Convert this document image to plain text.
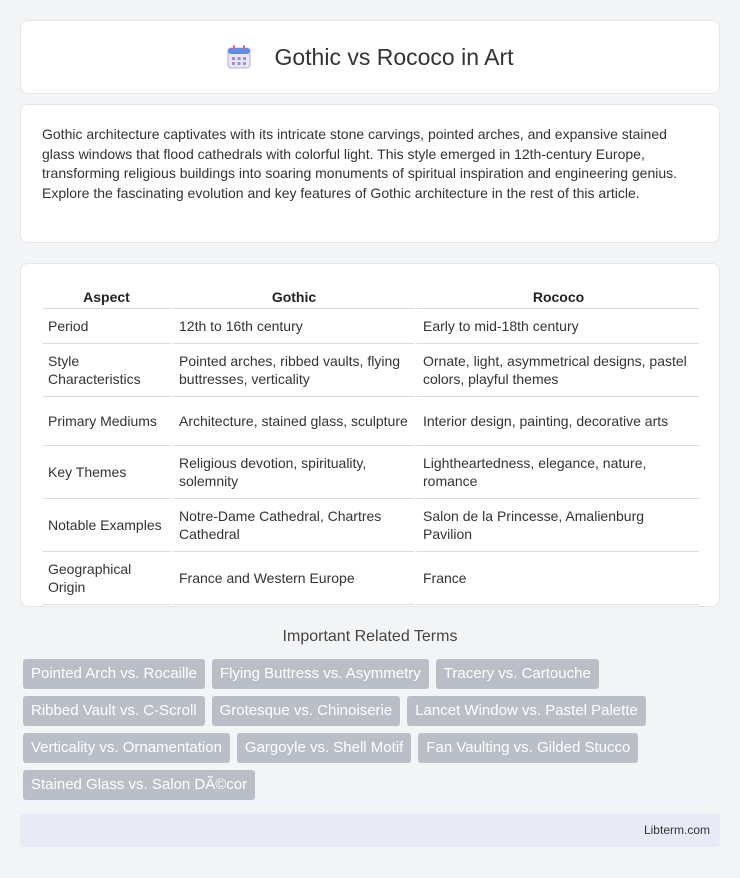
Gothic vs Rococo in Art

Gothic architecture captivates with its intricate stone carvings, pointed arches, and expansive stained glass windows that flood cathedrals with colorful light. This style emerged in 12th-century Europe, transforming religious buildings into soaring monuments of spiritual inspiration and engineering genius. Explore the fascinating evolution and key features of Gothic architecture in the rest of this article.

Aspect	Gothic	Rococo
Period	12th to 16th century	Early to mid-18th century
Style Characteristics	Pointed arches, ribbed vaults, flying buttresses, verticality	Ornate, light, asymmetrical designs, pastel colors, playful themes
Primary Mediums	Architecture, stained glass, sculpture	Interior design, painting, decorative arts
Key Themes	Religious devotion, spirituality, solemnity	Lightheartedness, elegance, nature, romance
Notable Examples	Notre-Dame Cathedral, Chartres Cathedral	Salon de la Princesse, Amalienburg Pavilion
Geographical Origin	France and Western Europe	France
Important Related Terms
Pointed Arch vs. Rocaille	Flying Buttress vs. Asymmetry	Tracery vs. Cartouche
Ribbed Vault vs. C-Scroll	Grotesque vs. Chinoiserie	Lancet Window vs. Pastel Palette
Verticality vs. Ornamentation	Gargoyle vs. Shell Motif	Fan Vaulting vs. Gilded Stucco
Stained Glass vs. Salon DÃ©cor
Libterm.com
